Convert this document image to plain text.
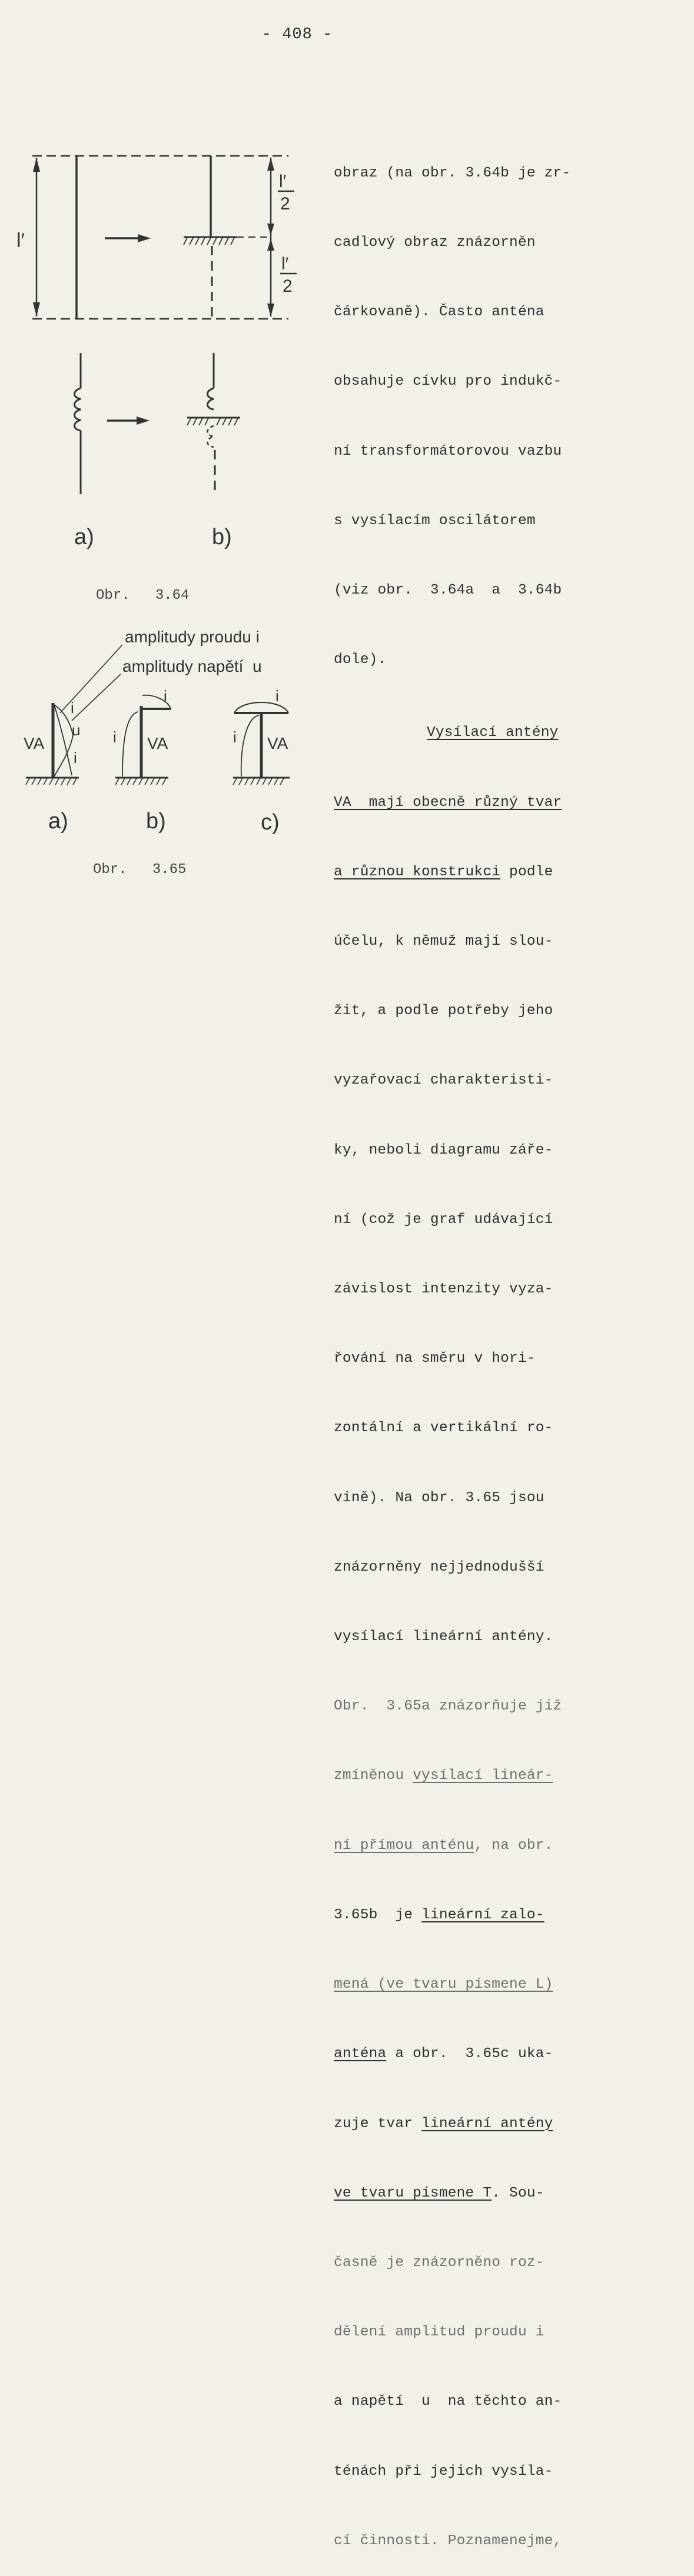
- 408 -
l′
l′
2
l′
2
a)	b)
Obr.   3.64
amplitudy proudu i
amplitudy napětí  u
VA
i
u
i
i
i VA
i
i VA
a)	b)	c)
Obr.   3.65

obraz (na obr. 3.64b je zr-

cadlový obraz znázorněn

čárkovaně). Často anténa

obsahuje cívku pro indukč-

ní transformátorovou vazbu

s vysílacím oscilátorem

(viz obr.  3.64a  a  3.64b

dole).

Vysílací antény

VA  mají obecně různý tvar

a různou konstrukci podle

účelu, k němuž mají slou-

žit, a podle potřeby jeho

vyzařovací charakteristi-

ky, neboli diagramu záře-

ní (což je graf udávající

závislost intenzity vyza-

řování na směru v hori-

zontální a vertikální ro-

vině). Na obr. 3.65 jsou

znázorněny nejjednodušší

vysílací lineární antény.

Obr.  3.65a znázorňuje již

zmíněnou vysílací lineár-

ní přímou anténu, na obr.

3.65b  je lineární zalo-

mená (ve tvaru písmene L)

anténa a obr.  3.65c uka-

zuje tvar lineární antény

ve tvaru písmene T. Sou-

časně je znázorněno roz-

dělení amplitud proudu i

a napětí  u  na těchto an-

ténách při jejich vysíla-

cí činnosti. Poznamenejme,
